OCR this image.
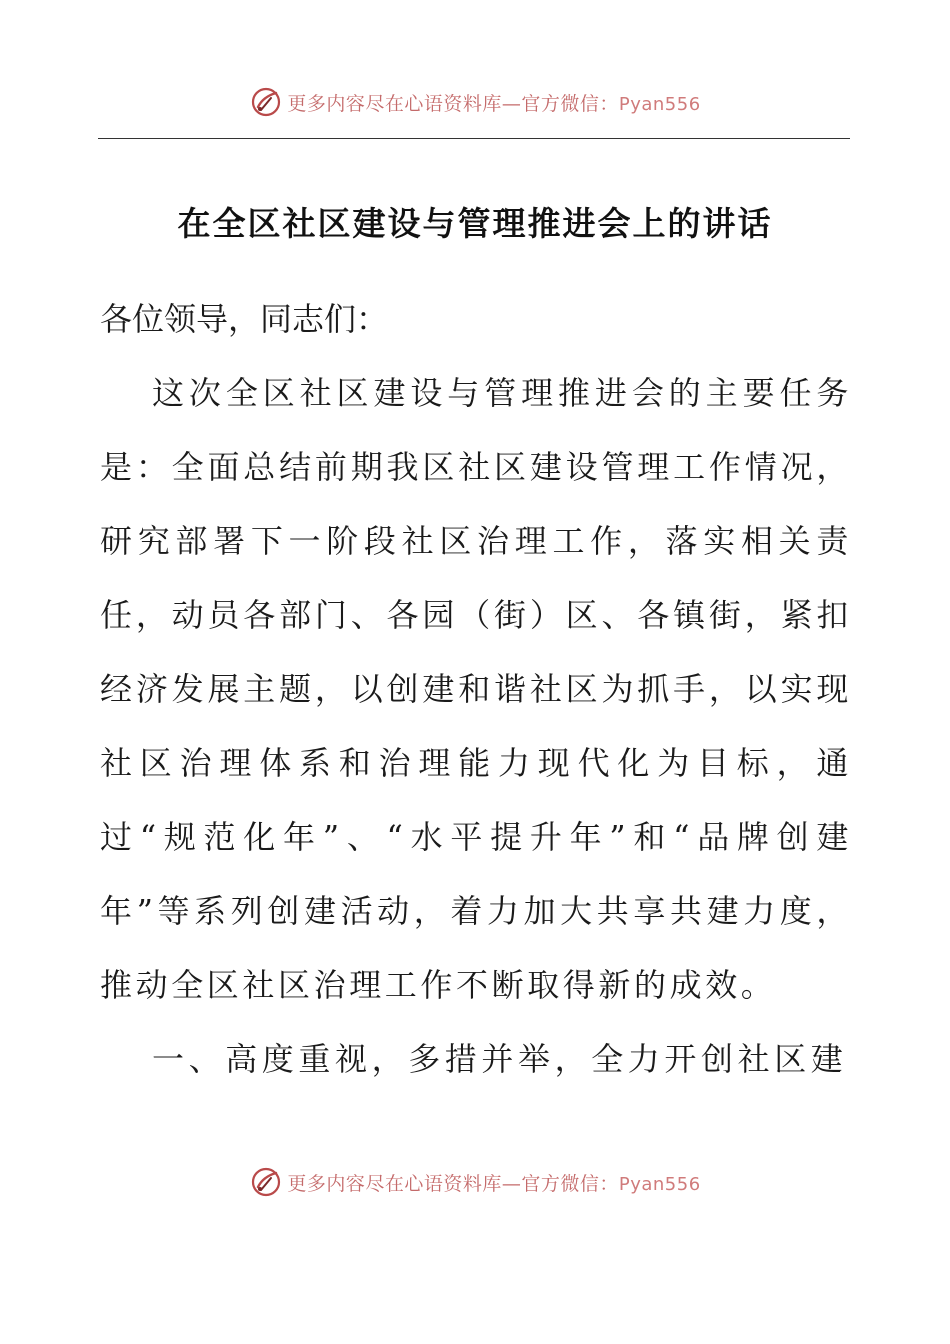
更多内容尽在心语资料库—官方微信：Pyan556
在全区社区建设与管理推进会上的讲话

各位领导，同志们：

这次全区社区建设与管理推进会的主要任务是：全面总结前期我区社区建设管理工作情况，研究部署下一阶段社区治理工作，落实相关责任，动员各部门、各园（街）区、各镇街，紧扣经济发展主题，以创建和谐社区为抓手，以实现社区治理体系和治理能力现代化为目标，通过“规范化年”、“水平提升年”和“品牌创建年”等系列创建活动，着力加大共享共建力度，推动全区社区治理工作不断取得新的成效。

一、高度重视，多措并举，全力开创社区建

更多内容尽在心语资料库—官方微信：Pyan556
